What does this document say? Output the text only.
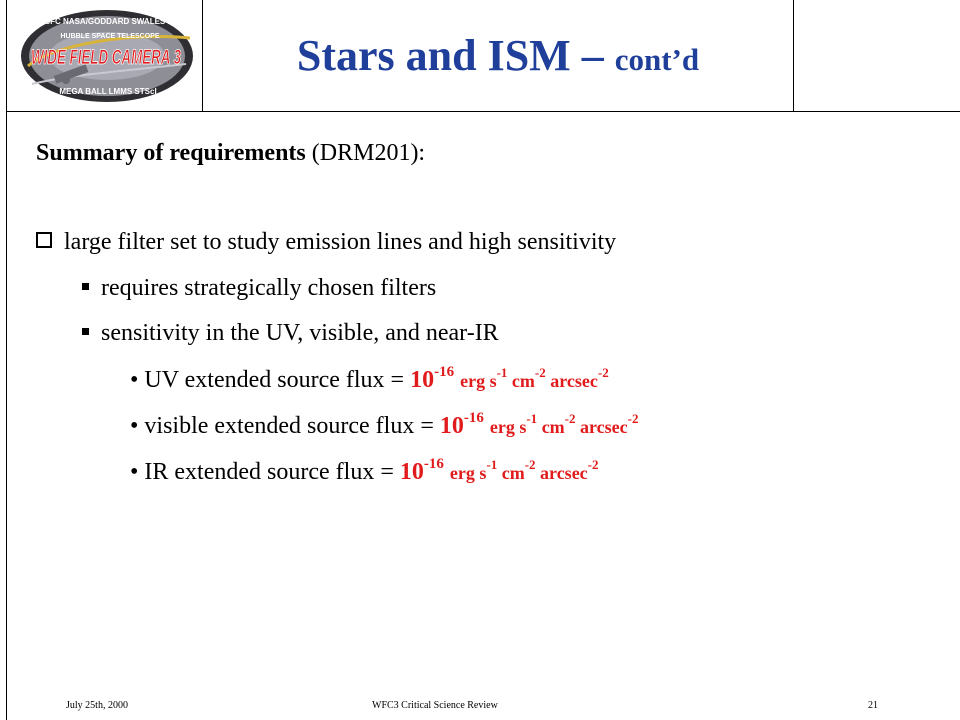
JPL GSFC NASA/GODDARD SWALES MSSS
HUBBLE SPACE TELESCOPE
WIDE FIELD CAMERA 3
MEGA BALL LMMS STScI
Stars and ISM – cont’d
Summary of requirements (DRM201):
large filter set to study emission lines and high sensitivity
requires strategically chosen filters
sensitivity in the UV, visible, and near-IR
• UV extended source flux = $10^{-16}$ erg $s^{-1}$ $cm^{-2}$ arcsec$^{-2}$
• visible extended source flux = $10^{-16}$ erg $s^{-1}$ $cm^{-2}$ arcsec$^{-2}$
• IR extended source flux = $10^{-16}$ erg $s^{-1}$ $cm^{-2}$ arcsec$^{-2}$
July 25th, 2000	WFC3 Critical Science Review	21
